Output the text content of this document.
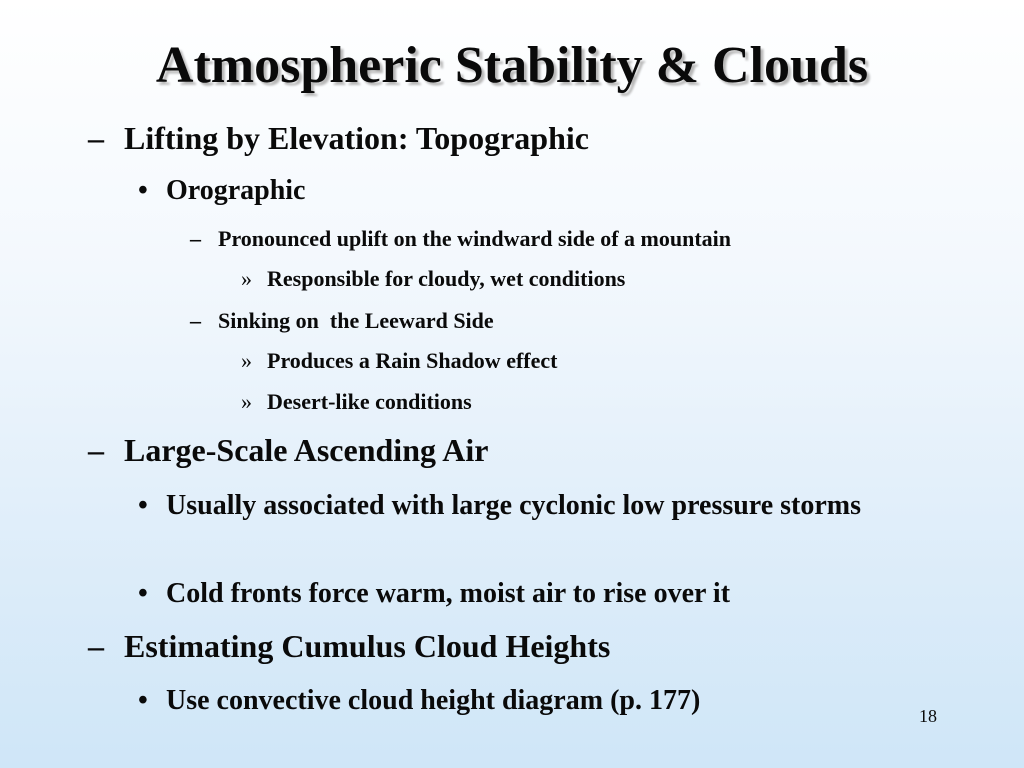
Atmospheric Stability & Clouds
– Lifting by Elevation: Topographic
• Orographic
– Pronounced uplift on the windward side of a mountain
» Responsible for cloudy, wet conditions
– Sinking on  the Leeward Side
» Produces a Rain Shadow effect
» Desert-like conditions
– Large-Scale Ascending Air
• Usually associated with large cyclonic low pressure storms
• Cold fronts force warm, moist air to rise over it
– Estimating Cumulus Cloud Heights
• Use convective cloud height diagram (p. 177)	18
